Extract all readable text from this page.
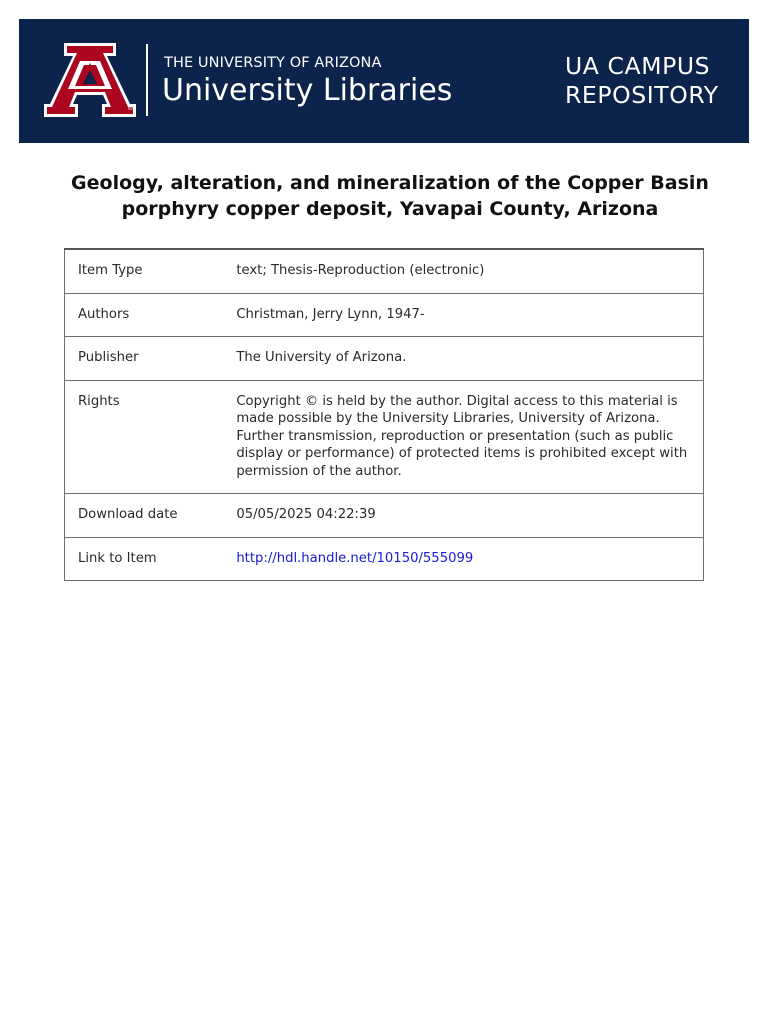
®
THE UNIVERSITY OF ARIZONA
University Libraries
UA CAMPUS
REPOSITORY
Geology, alteration, and mineralization of the Copper Basin porphyry copper deposit, Yavapai County, Arizona
Item Type	text; Thesis-Reproduction (electronic)
Authors	Christman, Jerry Lynn, 1947-
Publisher	The University of Arizona.
Rights	Copyright © is held by the author. Digital access to this material is made possible by the University Libraries, University of Arizona. Further transmission, reproduction or presentation (such as public display or performance) of protected items is prohibited except with permission of the author.
Download date	05/05/2025 04:22:39
Link to Item	http://hdl.handle.net/10150/555099
